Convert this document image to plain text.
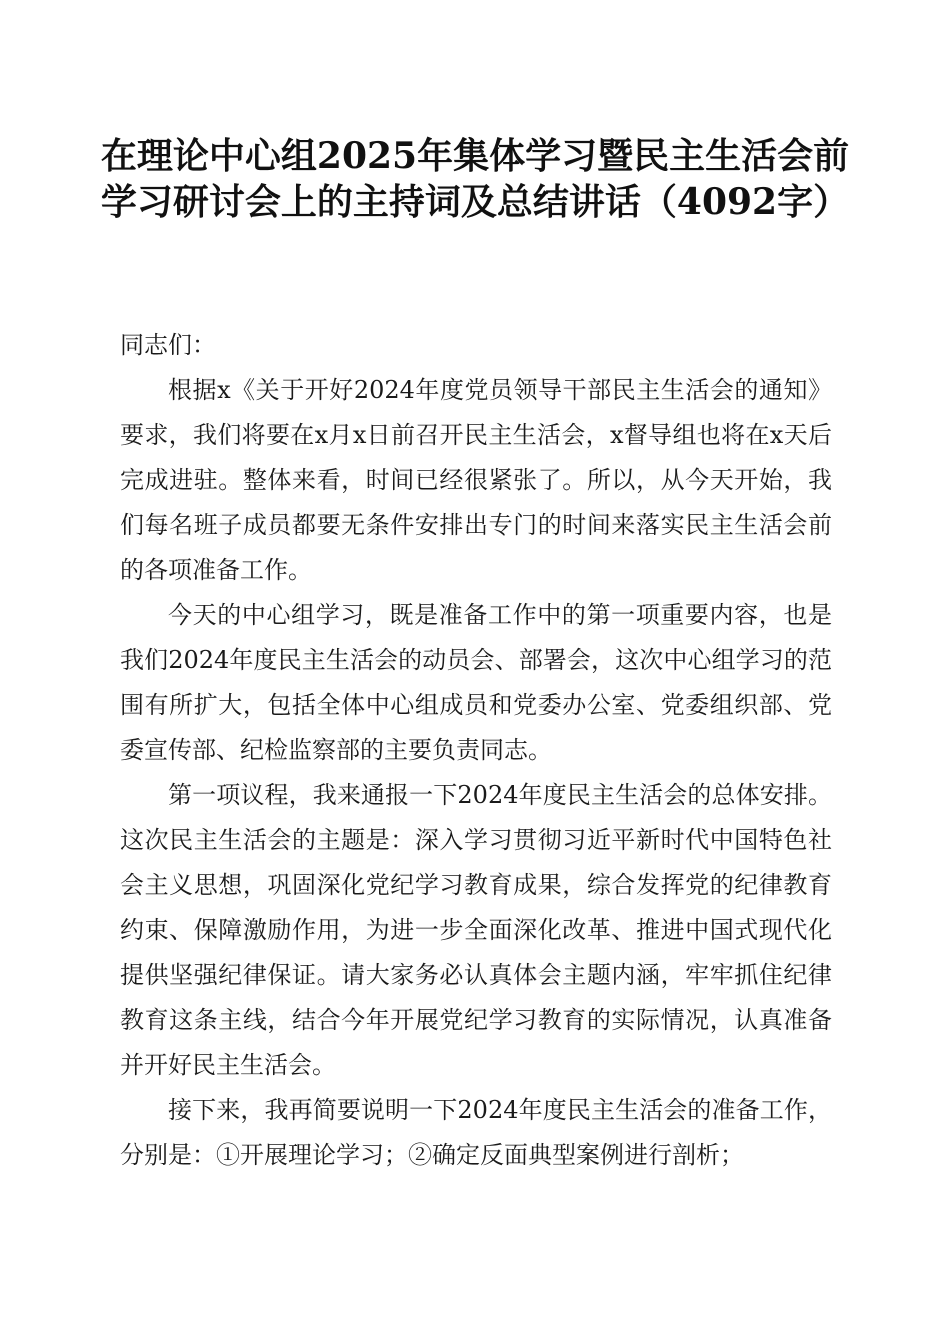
在理论中心组2025年集体学习暨民主生活会前学习研讨会上的主持词及总结讲话（4092字）

同志们：

根据x《关于开好2024年度党员领导干部民主生活会的通知》要求，我们将要在x月x日前召开民主生活会，x督导组也将在x天后完成进驻。整体来看，时间已经很紧张了。所以，从今天开始，我们每名班子成员都要无条件安排出专门的时间来落实民主生活会前的各项准备工作。

今天的中心组学习，既是准备工作中的第一项重要内容，也是我们2024年度民主生活会的动员会、部署会，这次中心组学习的范围有所扩大，包括全体中心组成员和党委办公室、党委组织部、党委宣传部、纪检监察部的主要负责同志。

第一项议程，我来通报一下2024年度民主生活会的总体安排。这次民主生活会的主题是：深入学习贯彻习近平新时代中国特色社会主义思想，巩固深化党纪学习教育成果，综合发挥党的纪律教育约束、保障激励作用，为进一步全面深化改革、推进中国式现代化提供坚强纪律保证。请大家务必认真体会主题内涵，牢牢抓住纪律教育这条主线，结合今年开展党纪学习教育的实际情况，认真准备并开好民主生活会。

接下来，我再简要说明一下2024年度民主生活会的准备工作，分别是：①开展理论学习；②确定反面典型案例进行剖析；
